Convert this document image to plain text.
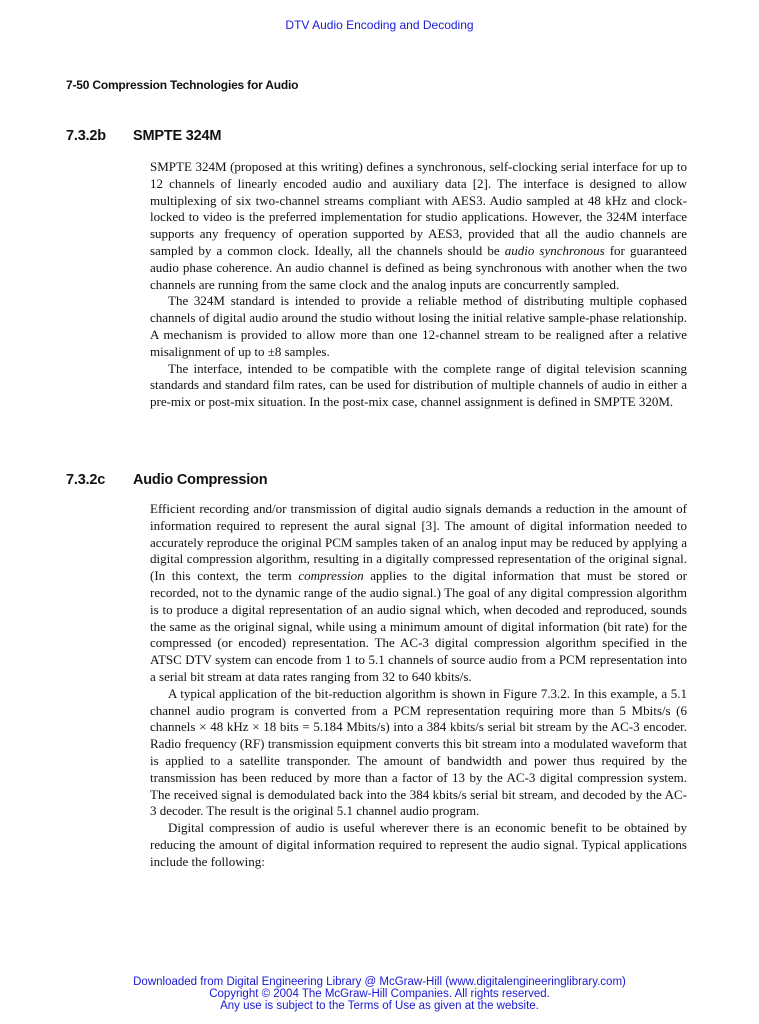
DTV Audio Encoding and Decoding
7-50 Compression Technologies for Audio
7.3.2b SMPTE 324M

SMPTE 324M (proposed at this writing) defines a synchronous, self-clocking serial interface for up to 12 channels of linearly encoded audio and auxiliary data [2]. The interface is designed to allow multiplexing of six two-channel streams compliant with AES3. Audio sampled at 48 kHz and clock-locked to video is the preferred implementation for studio applications. However, the 324M interface supports any frequency of operation supported by AES3, provided that all the audio channels are sampled by a common clock. Ideally, all the channels should be audio synchronous for guaranteed audio phase coherence. An audio channel is defined as being synchronous with another when the two channels are running from the same clock and the analog inputs are concurrently sampled.

The 324M standard is intended to provide a reliable method of distributing multiple cophased channels of digital audio around the studio without losing the initial relative sample-phase relationship. A mechanism is provided to allow more than one 12-channel stream to be realigned after a relative misalignment of up to ±8 samples.

The interface, intended to be compatible with the complete range of digital television scanning standards and standard film rates, can be used for distribution of multiple channels of audio in either a pre-mix or post-mix situation. In the post-mix case, channel assignment is defined in SMPTE 320M.

7.3.2c Audio Compression

Efficient recording and/or transmission of digital audio signals demands a reduction in the amount of information required to represent the aural signal [3]. The amount of digital information needed to accurately reproduce the original PCM samples taken of an analog input may be reduced by applying a digital compression algorithm, resulting in a digitally compressed representation of the original signal. (In this context, the term compression applies to the digital information that must be stored or recorded, not to the dynamic range of the audio signal.) The goal of any digital compression algorithm is to produce a digital representation of an audio signal which, when decoded and reproduced, sounds the same as the original signal, while using a minimum amount of digital information (bit rate) for the compressed (or encoded) representation. The AC-3 digital compression algorithm specified in the ATSC DTV system can encode from 1 to 5.1 channels of source audio from a PCM representation into a serial bit stream at data rates ranging from 32 to 640 kbits/s.

A typical application of the bit-reduction algorithm is shown in Figure 7.3.2. In this example, a 5.1 channel audio program is converted from a PCM representation requiring more than 5 Mbits/s (6 channels × 48 kHz × 18 bits = 5.184 Mbits/s) into a 384 kbits/s serial bit stream by the AC-3 encoder. Radio frequency (RF) transmission equipment converts this bit stream into a modulated waveform that is applied to a satellite transponder. The amount of bandwidth and power thus required by the transmission has been reduced by more than a factor of 13 by the AC-3 digital compression system. The received signal is demodulated back into the 384 kbits/s serial bit stream, and decoded by the AC-3 decoder. The result is the original 5.1 channel audio program.

Digital compression of audio is useful wherever there is an economic benefit to be obtained by reducing the amount of digital information required to represent the audio signal. Typical applications include the following:

Downloaded from Digital Engineering Library @ McGraw-Hill (www.digitalengineeringlibrary.com)
Copyright © 2004 The McGraw-Hill Companies. All rights reserved.
Any use is subject to the Terms of Use as given at the website.
